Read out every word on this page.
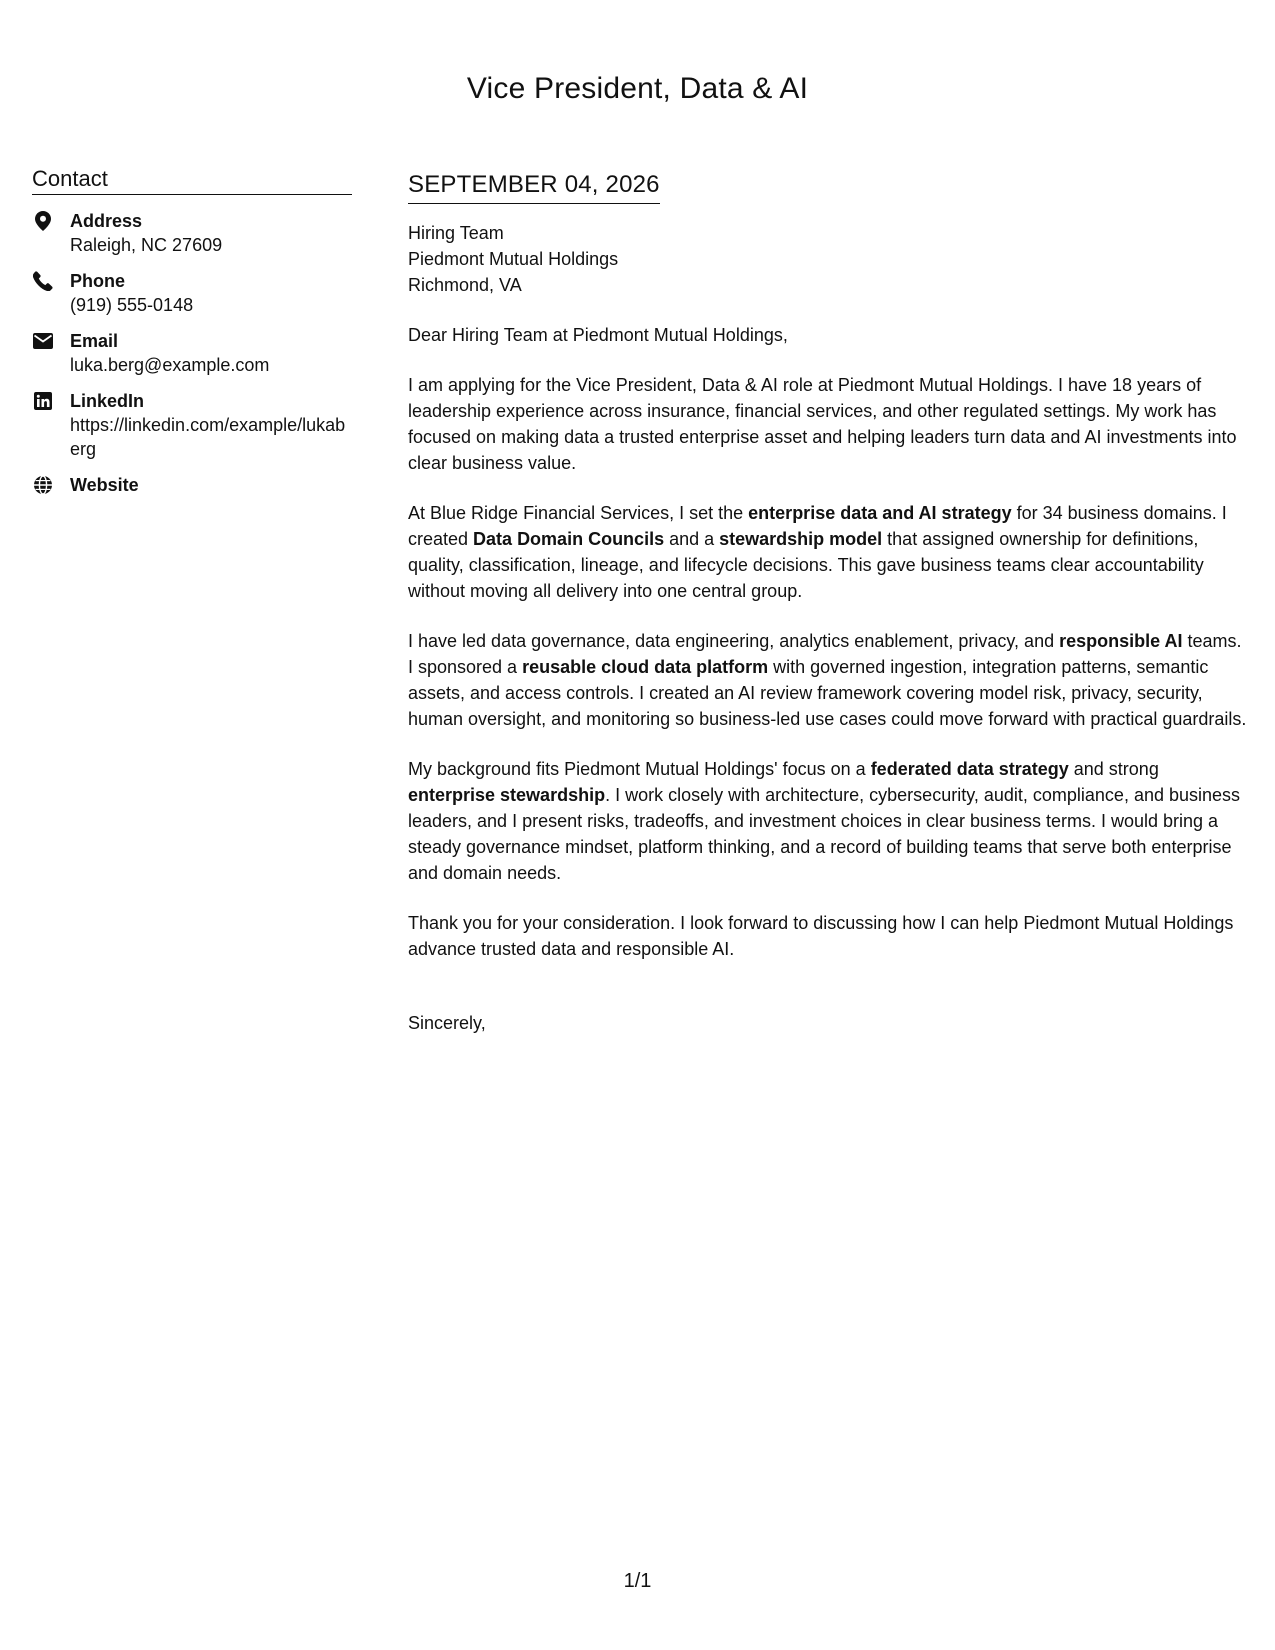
Vice President, Data & AI
Contact
Address
Raleigh, NC 27609
Phone
(919) 555-0148
Email
luka.berg@example.com
LinkedIn
https://linkedin.com/example/lukaberg
Website
SEPTEMBER 04, 2026
Hiring Team
Piedmont Mutual Holdings
Richmond, VA
Dear Hiring Team at Piedmont Mutual Holdings,
I am applying for the Vice President, Data & AI role at Piedmont Mutual Holdings. I have 18 years of leadership experience across insurance, financial services, and other regulated settings. My work has focused on making data a trusted enterprise asset and helping leaders turn data and AI investments into clear business value.
At Blue Ridge Financial Services, I set the enterprise data and AI strategy for 34 business domains. I created Data Domain Councils and a stewardship model that assigned ownership for definitions, quality, classification, lineage, and lifecycle decisions. This gave business teams clear accountability without moving all delivery into one central group.
I have led data governance, data engineering, analytics enablement, privacy, and responsible AI teams. I sponsored a reusable cloud data platform with governed ingestion, integration patterns, semantic assets, and access controls. I created an AI review framework covering model risk, privacy, security, human oversight, and monitoring so business-led use cases could move forward with practical guardrails.
My background fits Piedmont Mutual Holdings' focus on a federated data strategy and strong enterprise stewardship. I work closely with architecture, cybersecurity, audit, compliance, and business leaders, and I present risks, tradeoffs, and investment choices in clear business terms. I would bring a steady governance mindset, platform thinking, and a record of building teams that serve both enterprise and domain needs.
Thank you for your consideration. I look forward to discussing how I can help Piedmont Mutual Holdings advance trusted data and responsible AI.
Sincerely,
1/1
